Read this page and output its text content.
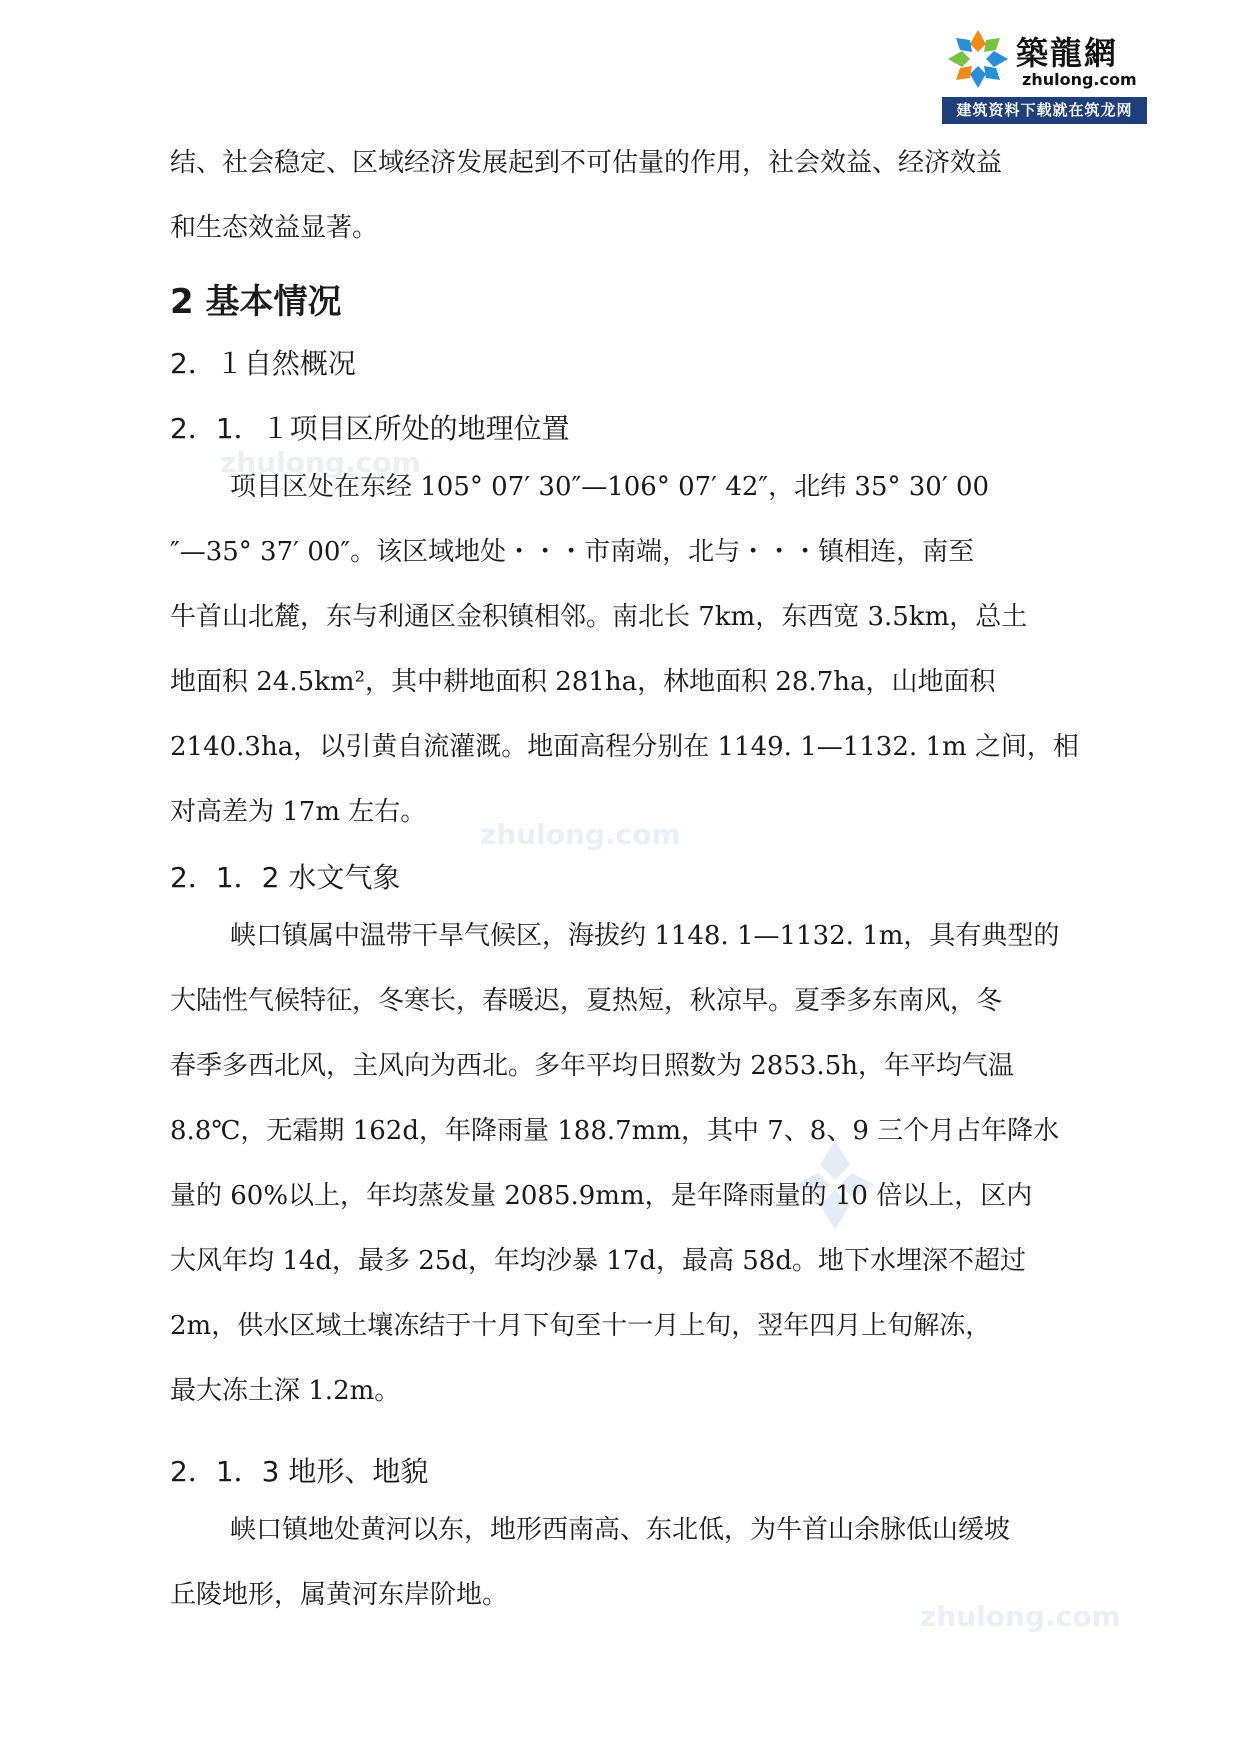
築龍網
zhulong.com
建筑资料下载就在筑龙网
zhulong.com
zhulong.com
zhulong.com
结、社会稳定、区域经济发展起到不可估量的作用，社会效益、经济效益
和生态效益显著。
2 基本情况
2．１自然概况
2．1．１项目区所处的地理位置
项目区处在东经 105° 07′ 30″—106° 07′ 42″，北纬 35° 30′ 00
″—35° 37′ 00″。该区域地处・・・市南端，北与・・・镇相连，南至
牛首山北麓，东与利通区金积镇相邻。南北长 7km，东西宽 3.5km，总土
地面积 24.5km²，其中耕地面积 281ha，林地面积 28.7ha，山地面积
2140.3ha，以引黄自流灌溉。地面高程分别在 1149. 1—1132. 1m 之间，相
对高差为 17m 左右。
2．1．2 水文气象
峡口镇属中温带干旱气候区，海拔约 1148. 1—1132. 1m，具有典型的
大陆性气候特征，冬寒长，春暖迟，夏热短，秋凉早。夏季多东南风，冬
春季多西北风，主风向为西北。多年平均日照数为 2853.5h，年平均气温
8.8℃，无霜期 162d，年降雨量 188.7mm，其中 7、8、9 三个月占年降水
量的 60%以上，年均蒸发量 2085.9mm，是年降雨量的 10 倍以上，区内
大风年均 14d，最多 25d，年均沙暴 17d，最高 58d。地下水埋深不超过
2m，供水区域土壤冻结于十月下旬至十一月上旬，翌年四月上旬解冻，
最大冻土深 1.2m。
2．1．3 地形、地貌
峡口镇地处黄河以东，地形西南高、东北低，为牛首山余脉低山缓坡
丘陵地形，属黄河东岸阶地。
